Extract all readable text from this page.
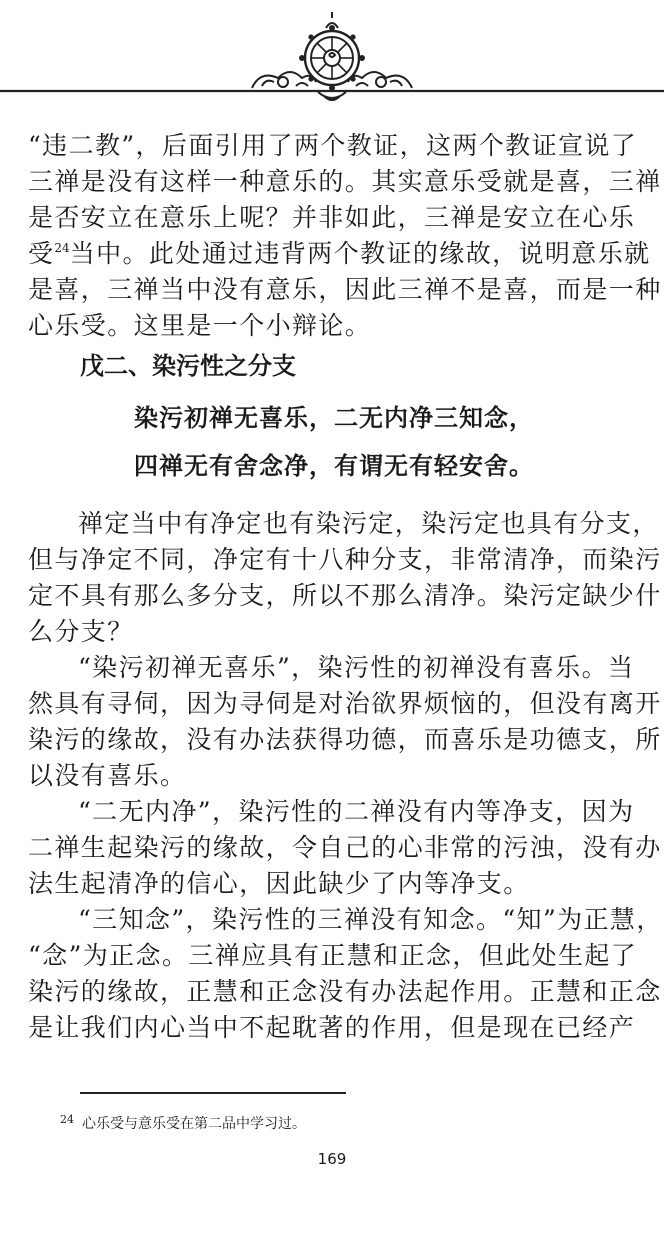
“违二教”，后面引用了两个教证，这两个教证宣说了
三禅是没有这样一种意乐的。其实意乐受就是喜，三禅
是否安立在意乐上呢？并非如此，三禅是安立在心乐
受$^{24}$当中。此处通过违背两个教证的缘故，说明意乐就
是喜，三禅当中没有意乐，因此三禅不是喜，而是一种
心乐受。这里是一个小辩论。
戊二、染污性之分支
染污初禅无喜乐，二无内净三知念，
四禅无有舍念净，有谓无有轻安舍。
禅定当中有净定也有染污定，染污定也具有分支，
但与净定不同，净定有十八种分支，非常清净，而染污
定不具有那么多分支，所以不那么清净。染污定缺少什
么分支？
“染污初禅无喜乐”，染污性的初禅没有喜乐。当
然具有寻伺，因为寻伺是对治欲界烦恼的，但没有离开
染污的缘故，没有办法获得功德，而喜乐是功德支，所
以没有喜乐。
“二无内净”，染污性的二禅没有内等净支，因为
二禅生起染污的缘故，令自己的心非常的污浊，没有办
法生起清净的信心，因此缺少了内等净支。
“三知念”，染污性的三禅没有知念。“知”为正慧，
“念”为正念。三禅应具有正慧和正念，但此处生起了
染污的缘故，正慧和正念没有办法起作用。正慧和正念
是让我们内心当中不起耽著的作用，但是现在已经产
$^{24}$ 心乐受与意乐受在第二品中学习过。
169
